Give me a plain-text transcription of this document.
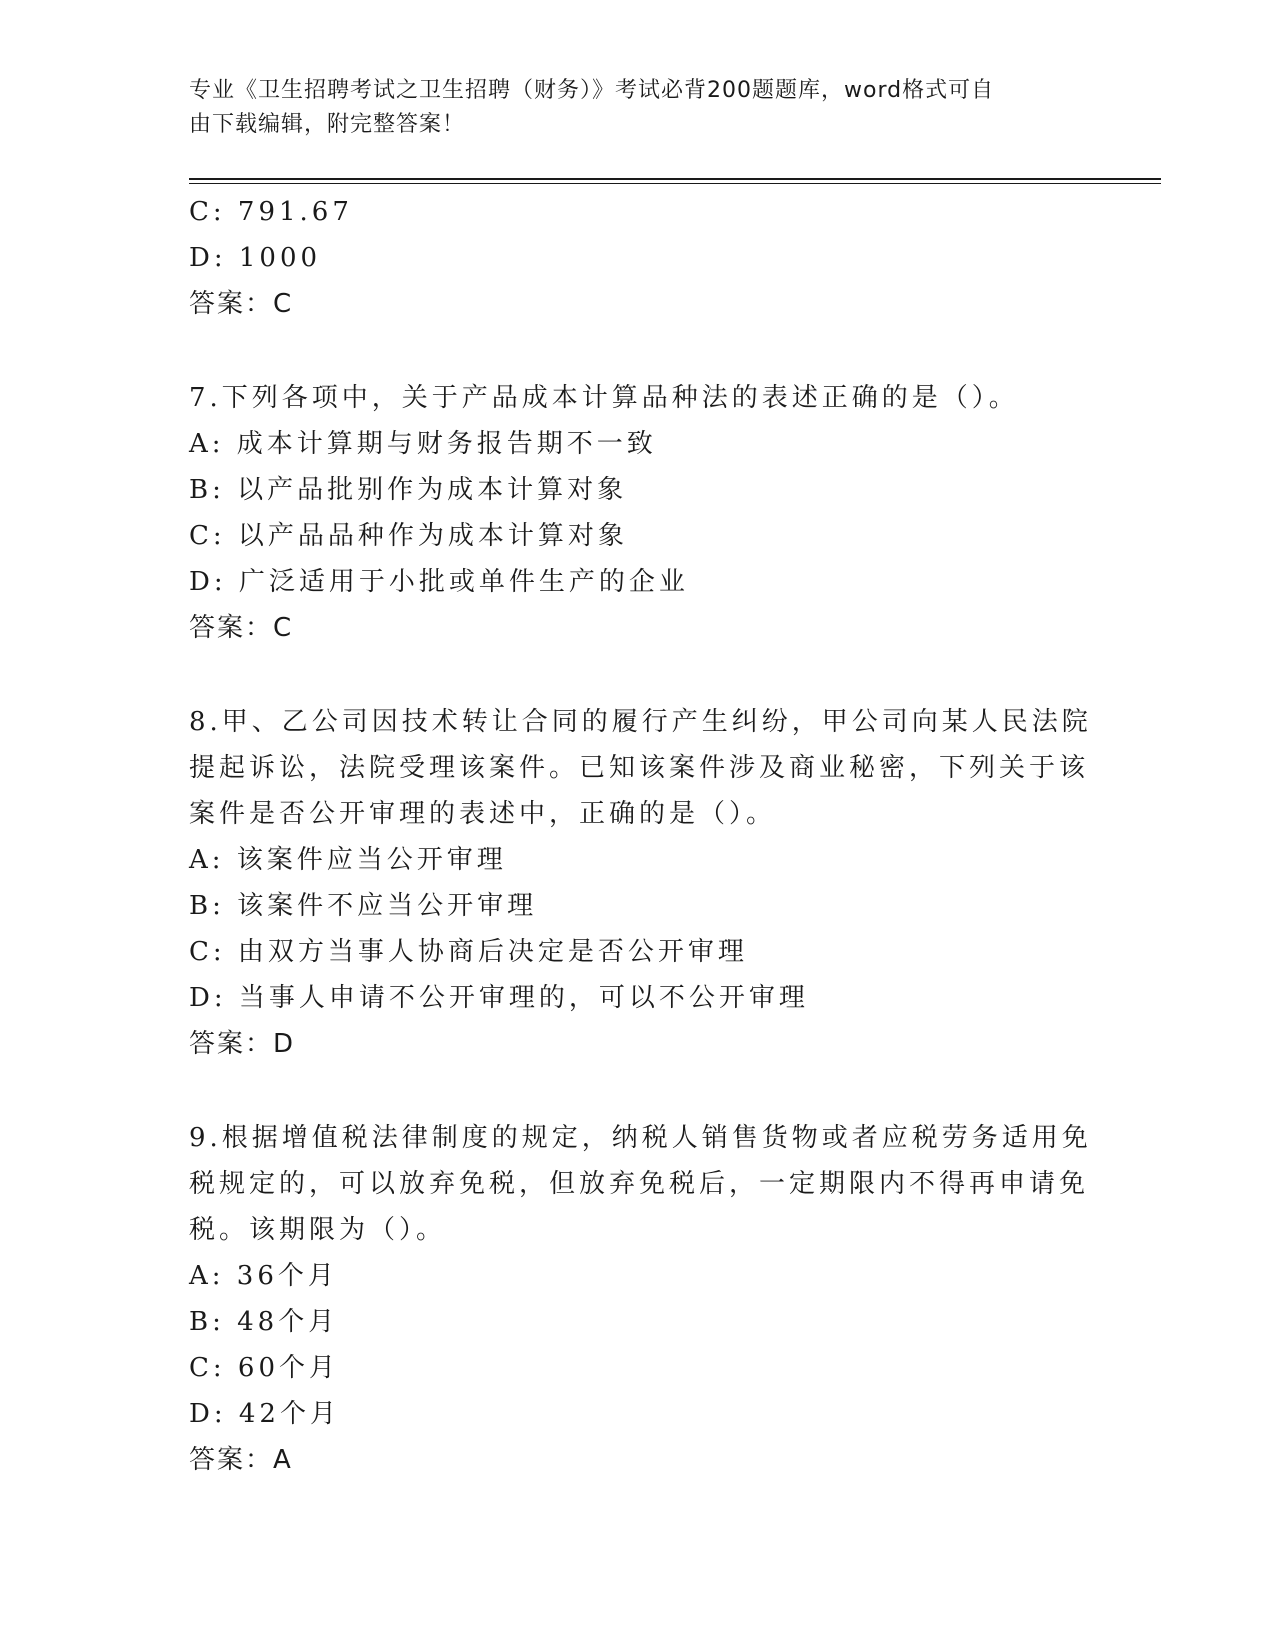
专业《卫生招聘考试之卫生招聘（财务）》考试必背200题题库，word格式可自
由下载编辑，附完整答案！
C: 791.67
D: 1000
答案：C
7.下列各项中，关于产品成本计算品种法的表述正确的是（）。
A: 成本计算期与财务报告期不一致
B: 以产品批别作为成本计算对象
C: 以产品品种作为成本计算对象
D: 广泛适用于小批或单件生产的企业
答案：C
8.甲、乙公司因技术转让合同的履行产生纠纷，甲公司向某人民法院
提起诉讼，法院受理该案件。已知该案件涉及商业秘密，下列关于该
案件是否公开审理的表述中，正确的是（）。
A: 该案件应当公开审理
B: 该案件不应当公开审理
C: 由双方当事人协商后决定是否公开审理
D: 当事人申请不公开审理的，可以不公开审理
答案：D
9.根据增值税法律制度的规定，纳税人销售货物或者应税劳务适用免
税规定的，可以放弃免税，但放弃免税后，一定期限内不得再申请免
税。该期限为（）。
A: 36个月
B: 48个月
C: 60个月
D: 42个月
答案：A
